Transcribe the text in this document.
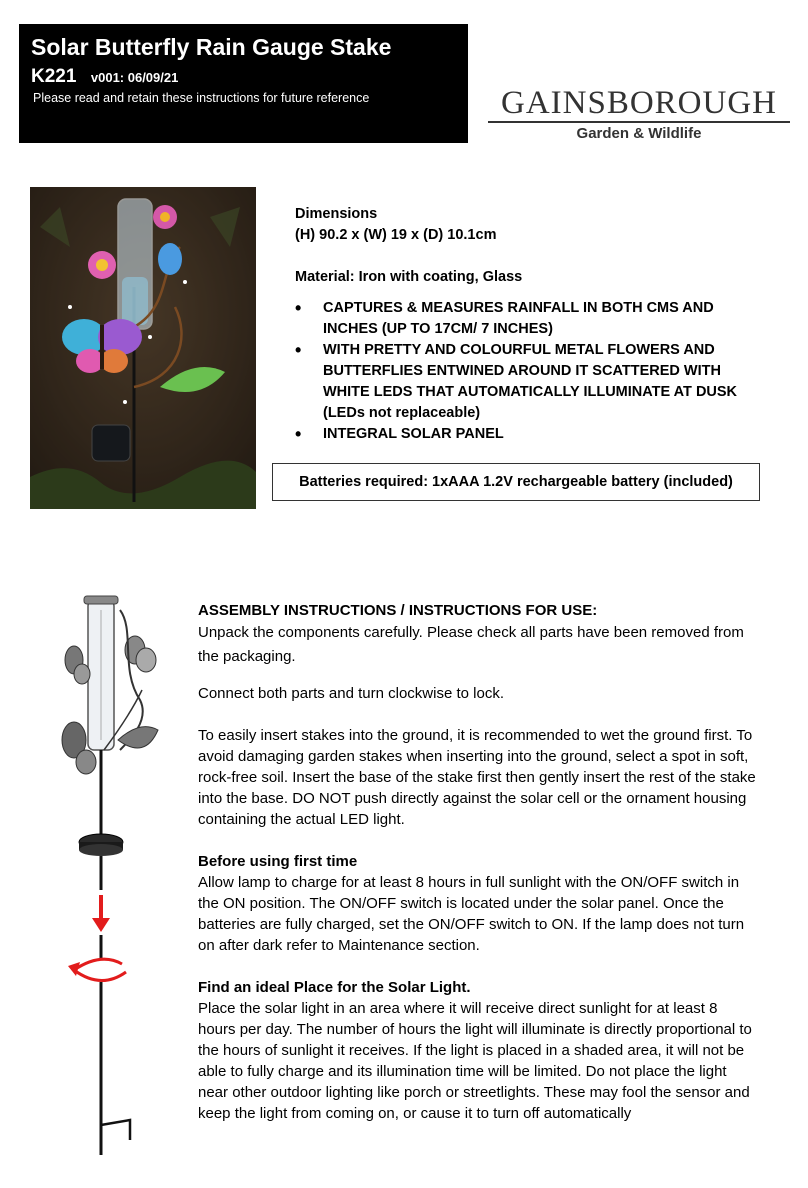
Solar Butterfly Rain Gauge Stake
K221 v001: 06/09/21
Please read and retain these instructions for future reference	GAINSBOROUGH
Garden & Wildlife

Dimensions

(H) 90.2 x (W) 19 x (D) 10.1cm

Material: Iron with coating, Glass

• CAPTURES & MEASURES RAINFALL IN BOTH CMS AND INCHES (UP TO 17CM/ 7 INCHES)
• WITH PRETTY AND COLOURFUL METAL FLOWERS AND BUTTERFLIES ENTWINED AROUND IT SCATTERED WITH WHITE LEDS THAT AUTOMATICALLY ILLUMINATE AT DUSK (LEDs not replaceable)
• INTEGRAL SOLAR PANEL
Batteries required: 1xAAA 1.2V rechargeable battery (included)

ASSEMBLY INSTRUCTIONS / INSTRUCTIONS FOR USE:

Unpack the components carefully. Please check all parts have been removed from the packaging.

Connect both parts and turn clockwise to lock.

To easily insert stakes into the ground, it is recommended to wet the ground first. To avoid damaging garden stakes when inserting into the ground, select a spot in soft, rock-free soil. Insert the base of the stake first then gently insert the rest of the stake into the base. DO NOT push directly against the solar cell or the ornament housing containing the actual LED light.

Before using first time

Allow lamp to charge for at least 8 hours in full sunlight with the ON/OFF switch in the ON position. The ON/OFF switch is located under the solar panel. Once the batteries are fully charged, set the ON/OFF switch to ON. If the lamp does not turn on after dark refer to Maintenance section.

Find an ideal Place for the Solar Light.

Place the solar light in an area where it will receive direct sunlight for at least 8 hours per day. The number of hours the light will illuminate is directly proportional to the hours of sunlight it receives. If the light is placed in a shaded area, it will not be able to fully charge and its illumination time will be limited. Do not place the light near other outdoor lighting like porch or streetlights. These may fool the sensor and keep the light from coming on, or cause it to turn off automatically
